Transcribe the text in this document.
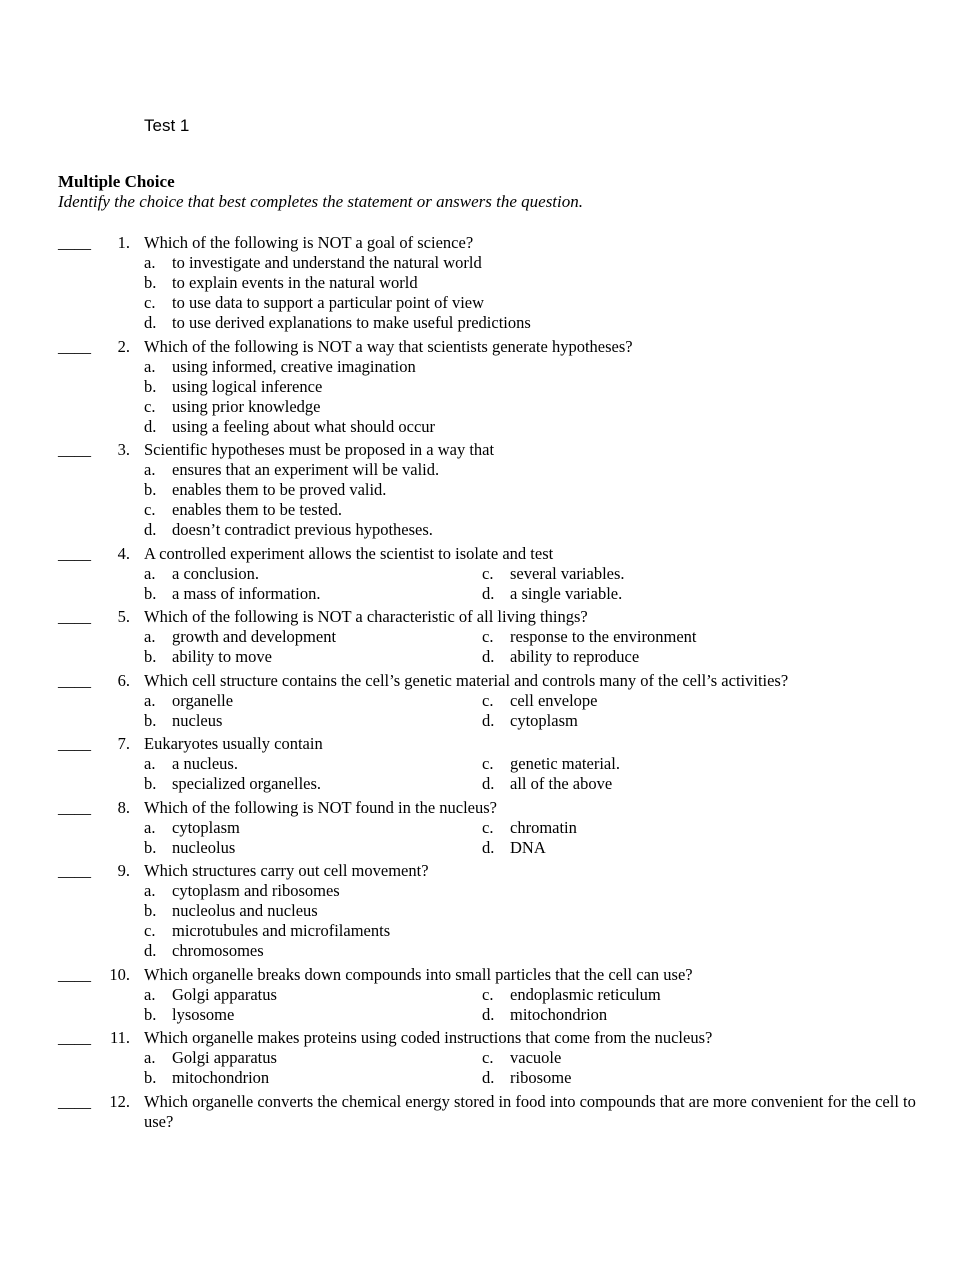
Test 1
Multiple Choice
Identify the choice that best completes the statement or answers the question.
____	1. Which of the following is NOT a goal of science?
a. to investigate and understand the natural world
b. to explain events in the natural world
c. to use data to support a particular point of view
d. to use derived explanations to make useful predictions
____	2. Which of the following is NOT a way that scientists generate hypotheses?
a. using informed, creative imagination
b. using logical inference
c. using prior knowledge
d. using a feeling about what should occur
____	3. Scientific hypotheses must be proposed in a way that
a. ensures that an experiment will be valid.
b. enables them to be proved valid.
c. enables them to be tested.
d. doesn’t contradict previous hypotheses.
____	4. A controlled experiment allows the scientist to isolate and test
a. a conclusion.	c. several variables.
b. a mass of information.	d. a single variable.
____	5. Which of the following is NOT a characteristic of all living things?
a. growth and development	c. response to the environment
b. ability to move	d. ability to reproduce
____	6. Which cell structure contains the cell’s genetic material and controls many of the cell’s activities?
a. organelle	c. cell envelope
b. nucleus	d. cytoplasm
____	7. Eukaryotes usually contain
a. a nucleus.	c. genetic material.
b. specialized organelles.	d. all of the above
____	8. Which of the following is NOT found in the nucleus?
a. cytoplasm	c. chromatin
b. nucleolus	d. DNA
____	9. Which structures carry out cell movement?
a. cytoplasm and ribosomes
b. nucleolus and nucleus
c. microtubules and microfilaments
d. chromosomes
____	10. Which organelle breaks down compounds into small particles that the cell can use?
a. Golgi apparatus	c. endoplasmic reticulum
b. lysosome	d. mitochondrion
____	11. Which organelle makes proteins using coded instructions that come from the nucleus?
a. Golgi apparatus	c. vacuole
b. mitochondrion	d. ribosome
____	12. Which organelle converts the chemical energy stored in food into compounds that are more convenient for the cell to use?
